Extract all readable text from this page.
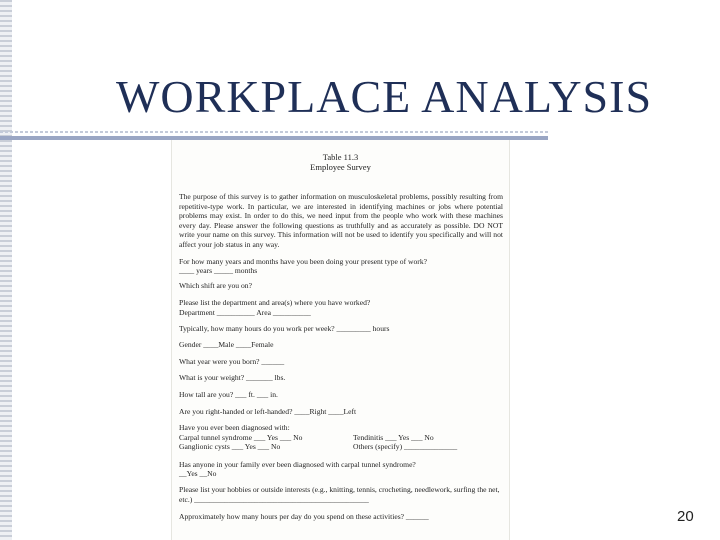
WORKPLACE ANALYSIS
Table 11.3
Employee Survey
The purpose of this survey is to gather information on musculoskeletal problems, possibly resulting from repetitive-type work. In particular, we are interested in identifying machines or jobs where potential problems may exist. In order to do this, we need input from the people who work with these machines every day. Please answer the following questions as truthfully and as accurately as possible. DO NOT write your name on this survey. This information will not be used to identify you specifically and will not affect your job status in any way.
For how many years and months have you been doing your present type of work?
____ years _____ months
Which shift are you on?
Please list the department and area(s) where you have worked?
Department __________ Area __________
Typically, how many hours do you work per week? _________ hours
Gender ____Male ____Female
What year were you born? ______
What is your weight? _______ lbs.
How tall are you? ___ ft. ___ in.
Are you right-handed or left-handed? ____Right ____Left
Have you ever been diagnosed with:
Carpal tunnel syndrome ___ Yes ___ No	Tendinitis ___ Yes ___ No
Ganglionic cysts ___ Yes ___ No	Others (specify) ______________
Has anyone in your family ever been diagnosed with carpal tunnel syndrome?
__Yes __No
Please list your hobbies or outside interests (e.g., knitting, tennis, crocheting, needlework, surfing the net, etc.) ______________________________________________
Approximately how many hours per day do you spend on these activities? ______	20
